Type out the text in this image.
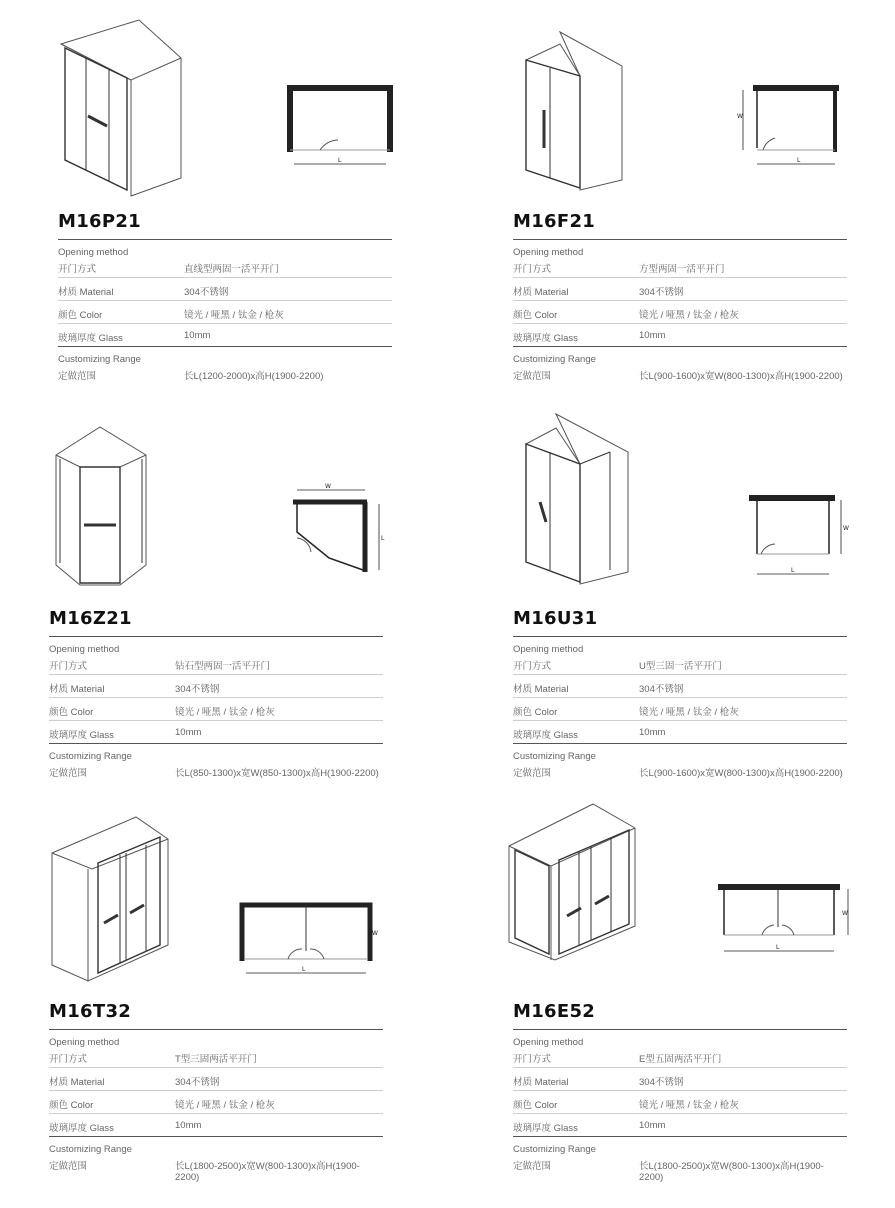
L
M16P21
Opening method
开门方式	直线型两固一活平开门
材质 Material	304不锈钢
颜色 Color	镜光 / 哑黑 / 钛金 / 枪灰
玻璃厚度 Glass	10mm
Customizing Range
定做范围	长L(1200-2000)x高H(1900-2200)
W
L
M16F21
Opening method
开门方式	方型两固一活平开门
材质 Material	304不锈钢
颜色 Color	镜光 / 哑黑 / 钛金 / 枪灰
玻璃厚度 Glass	10mm
Customizing Range
定做范围	长L(900-1600)x宽W(800-1300)x高H(1900-2200)
W
L
M16Z21
Opening method
开门方式	钻石型两固一活平开门
材质 Material	304不锈钢
颜色 Color	镜光 / 哑黑 / 钛金 / 枪灰
玻璃厚度 Glass	10mm
Customizing Range
定做范围	长L(850-1300)x宽W(850-1300)x高H(1900-2200)
W
L
M16U31
Opening method
开门方式	U型三固一活平开门
材质 Material	304不锈钢
颜色 Color	镜光 / 哑黑 / 钛金 / 枪灰
玻璃厚度 Glass	10mm
Customizing Range
定做范围	长L(900-1600)x宽W(800-1300)x高H(1900-2200)
W
L
M16T32
Opening method
开门方式	T型三固两活平开门
材质 Material	304不锈钢
颜色 Color	镜光 / 哑黑 / 钛金 / 枪灰
玻璃厚度 Glass	10mm
Customizing Range
定做范围	长L(1800-2500)x宽W(800-1300)x高H(1900-2200)
W
L
M16E52
Opening method
开门方式	E型五固两活平开门
材质 Material	304不锈钢
颜色 Color	镜光 / 哑黑 / 钛金 / 枪灰
玻璃厚度 Glass	10mm
Customizing Range
定做范围	长L(1800-2500)x宽W(800-1300)x高H(1900-2200)
